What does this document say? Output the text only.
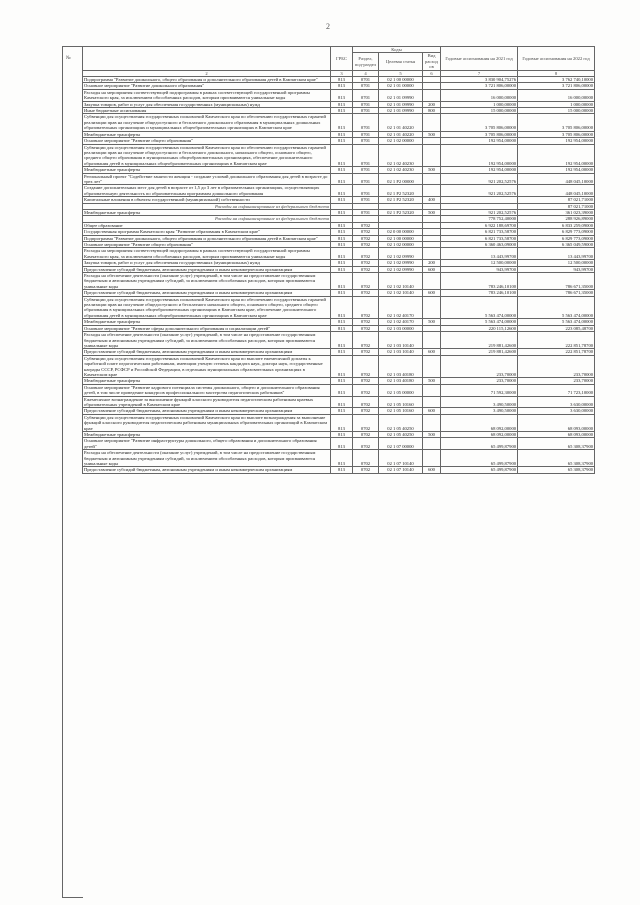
2
№
		ГРБС	Коды			Годовые ассигнования на 2021 год	Годовые ассигнования на 2022 год
		Раздел, под-раздел	Целевая статья	Вид расходов		
2	3	4	5	6	7	8
Подпрограмма "Развитие дошкольного, общего образования и дополнительного образования детей в Камчатском крае"	813	0701	02 1 00 00000		3 830 904,75276	3 762 740,10000
Основное мероприятие "Развитие дошкольного образования"	813	0701	02 1 01 00000		3 721 806,00000	3 721 806,00000
Расходы на мероприятия соответствующей подпрограммы в рамках соответствующей государственной программы Камчатского края, за исключением обособленных расходов, которым присваиваются уникальные коды	813	0701	02 1 01 09990		16 000,00000	16 000,00000
Закупка товаров, работ и услуг для обеспечения государственных (муниципальных) нужд	813	0701	02 1 01 09990	200	1 000,00000	1 000,00000
Иные бюджетные ассигнования	813	0701	02 1 01 09990	800	15 000,00000	15 000,00000
Субвенции для осуществления государственных полномочий Камчатского края по обеспечению государственных гарантий реализации прав на получение общедоступного и бесплатного дошкольного образования в муниципальных дошкольных образовательных организациях и муниципальных общеобразовательных организациях в Камчатском крае	813	0701	02 1 01 40220		3 705 806,00000	3 705 806,00000
Межбюджетные трансферты	813	0701	02 1 01 40220	500	3 705 806,00000	3 705 806,00000
Основное мероприятие "Развитие общего образования"	813	0701	02 1 02 00000		192 954,00000	192 954,00000
Субвенции для осуществления государственных полномочий Камчатского края по обеспечению государственных гарантий реализации прав на получение общедоступного и бесплатного дошкольного, начального общего, основного общего, среднего общего образования в муниципальных общеобразовательных организациях, обеспечение дополнительного образования детей в муниципальных общеобразовательных организациях в Камчатском крае	813	0701	02 1 02 40230		192 954,00000	192 954,00000
Межбюджетные трансферты	813	0701	02 1 02 40230	500	192 954,00000	192 954,00000
Региональный проект "Содействие занятости женщин - создание условий дошкольного образования для детей в возрасте до трех лет"	813	0701	02 1 P2 00000		921 202,52576	448 045,10000
Создание дополнительных мест для детей в возрасте от 1,5 до 3 лет в образовательных организациях, осуществляющих образовательную деятельность по образовательным программам дошкольного образования	813	0701	02 1 P2 52320		921 202,52576	448 045,10000
Капитальные вложения в объекты государственной (муниципальной) собственности	813	0701	02 1 P2 52320	400		87 021,71000
Расходы на софинансирование из федерального бюджета						87 021,71000
Межбюджетные трансферты	813	0701	02 1 P2 52320	500	921 202,52576	361 023,39000
Расходы на софинансирование из федерального бюджета					778 752,40000	288 926,89000
Общее образование	813	0702			6 922 188,69700	6 833 259,09000
Государственная программа Камчатского края "Развитие образования в Камчатском крае"	813	0702	02 0 00 00000		6 821 733,58700	6 829 773,09000
Подпрограмма "Развитие дошкольного, общего образования и дополнительного образования детей в Камчатском крае"	813	0702	02 1 00 00000		6 821 733,58700	6 829 773,09000
Основное мероприятие "Развитие общего образования"	813	0702	02 1 02 00000		6 360 463,09000	6 365 049,59000
Расходы на мероприятия соответствующей подпрограммы в рамках соответствующей государственной программы Камчатского края, за исключением обособленных расходов, которым присваиваются уникальные коды	813	0702	02 1 02 09990		13 443,99700	13 443,99700
Закупка товаров, работ и услуг для обеспечения государственных (муниципальных) нужд	813	0702	02 1 02 09990	200	12 500,00000	12 500,00000
Предоставление субсидий бюджетным, автономным учреждениям и иным некоммерческим организациям	813	0702	02 1 02 09990	600	943,99700	943,99700
Расходы на обеспечение деятельности (оказание услуг) учреждений, в том числе на предоставление государственным бюджетным и автономным учреждениям субсидий, за исключением обособленных расходов, которым присваиваются уникальные коды	813	0702	02 1 02 10140		783 246,10100	786 671,35000
Предоставление субсидий бюджетным, автономным учреждениям и иным некоммерческим организациям	813	0702	02 1 02 10140	600	783 246,10100	786 671,35000
Субвенции для осуществления государственных полномочий Камчатского края по обеспечению государственных гарантий реализации прав на получение общедоступного и бесплатного начального общего, основного общего, среднего общего образования в муниципальных общеобразовательных организациях в Камчатском крае, обеспечение дополнительного образования детей в муниципальных общеобразовательных организациях в Камчатском крае	813	0702	02 1 02 40170		5 563 474,00000	5 563 474,00000
Межбюджетные трансферты	813	0702	02 1 02 40170	500	5 563 474,00000	5 563 474,00000
Основное мероприятие "Развитие сферы дополнительного образования и социализации детей"	813	0702	02 1 03 00000		220 115,12600	223 085,48700
Расходы на обеспечение деятельности (оказание услуг) учреждений, в том числе на предоставление государственным бюджетным и автономным учреждениям субсидий, за исключением обособленных расходов, которым присваиваются уникальные коды	813	0702	02 1 03 10140		219 881,42600	222 851,78700
Предоставление субсидий бюджетным, автономным учреждениям и иным некоммерческим организациям	813	0702	02 1 03 10140	600	219 881,42600	222 851,78700
Субвенции для осуществления государственных полномочий Камчатского края по выплате ежемесячной доплаты к заработной плате педагогическим работникам, имеющим ученую степень кандидата наук, доктора наук, государственные награды СССР, РСФСР и Российской Федерации, в отдельных муниципальных образовательных организациях в Камчатском крае	813	0702	02 1 03 40180		233,70000	233,70000
Межбюджетные трансферты	813	0702	02 1 03 40180	500	233,70000	233,70000
Основное мероприятие "Развитие кадрового потенциала системы дошкольного, общего и дополнительного образования детей, в том числе проведение конкурсов профессионального мастерства педагогических работников"	813	0702	02 1 05 00000		71 592,30000	71 723,10000
Ежемесячное вознаграждение за выполнение функций классного руководителя педагогическим работникам краевых образовательных учреждений в Камчатском крае	813	0702	02 1 05 10160		3 490,50000	3 630,00000
Предоставление субсидий бюджетным, автономным учреждениям и иным некоммерческим организациям	813	0702	02 1 05 10160	600	3 490,50000	3 630,00000
Субвенции для осуществления государственных полномочий Камчатского края по выплате вознаграждения за выполнение функций классного руководителя педагогическим работникам муниципальных образовательных организаций в Камчатском крае	813	0702	02 1 05 40250		68 092,00000	68 093,00000
Межбюджетные трансферты	813	0702	02 1 05 40250	500	68 092,00000	68 093,00000
Основное мероприятие "Развитие инфраструктуры дошкольного, общего образования и дополнительного образования детей"	813	0702	02 1 07 00000		65 499,87900	65 308,37900
Расходы на обеспечение деятельности (оказание услуг) учреждений, в том числе на предоставление государственным бюджетным и автономным учреждениям субсидий, за исключением обособленных расходов, которым присваиваются уникальные коды	813	0702	02 1 07 10140		65 499,87900	65 308,37900
Предоставление субсидий бюджетным, автономным учреждениям и иным некоммерческим организациям	813	0702	02 1 07 10140	600	65 499,87900	65 308,37900
